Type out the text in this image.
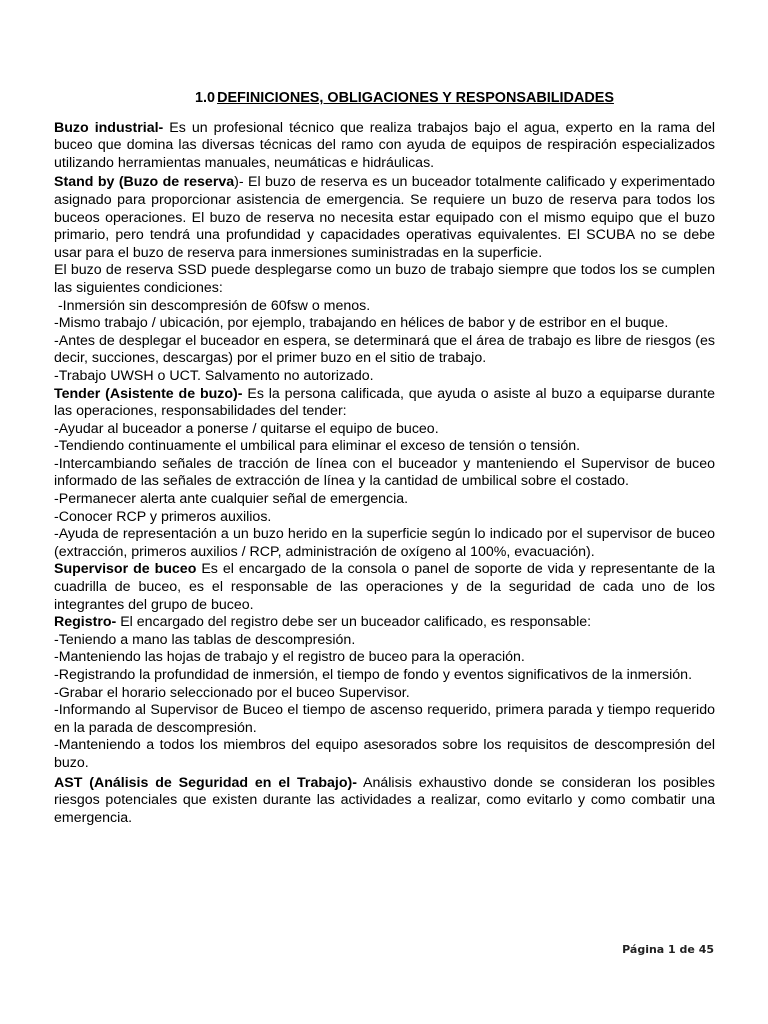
1.0 DEFINICIONES, OBLIGACIONES Y RESPONSABILIDADES

Buzo industrial- Es un profesional técnico que realiza trabajos bajo el agua, experto en la rama del buceo que domina las diversas técnicas del ramo con ayuda de equipos de respiración especializados utilizando herramientas manuales, neumáticas e hidráulicas.

Stand by (Buzo de reserva)- El buzo de reserva es un buceador totalmente calificado y experimentado asignado para proporcionar asistencia de emergencia. Se requiere un buzo de reserva para todos los buceos operaciones. El buzo de reserva no necesita estar equipado con el mismo equipo que el buzo primario, pero tendrá una profundidad y capacidades operativas equivalentes. El SCUBA no se debe usar para el buzo de reserva para inmersiones suministradas en la superficie.

El buzo de reserva SSD puede desplegarse como un buzo de trabajo siempre que todos los se cumplen las siguientes condiciones:

-Inmersión sin descompresión de 60fsw o menos.

-Mismo trabajo / ubicación, por ejemplo, trabajando en hélices de babor y de estribor en el buque.

-Antes de desplegar el buceador en espera, se determinará que el área de trabajo es libre de riesgos (es decir, succiones, descargas) por el primer buzo en el sitio de trabajo.

-Trabajo UWSH o UCT. Salvamento no autorizado.

Tender (Asistente de buzo)- Es la persona calificada, que ayuda o asiste al buzo a equiparse durante las operaciones, responsabilidades del tender:

-Ayudar al buceador a ponerse / quitarse el equipo de buceo.

-Tendiendo continuamente el umbilical para eliminar el exceso de tensión o tensión.

-Intercambiando señales de tracción de línea con el buceador y manteniendo el Supervisor de buceo informado de las señales de extracción de línea y la cantidad de umbilical sobre el costado.

-Permanecer alerta ante cualquier señal de emergencia.

-Conocer RCP y primeros auxilios.

-Ayuda de representación a un buzo herido en la superficie según lo indicado por el supervisor de buceo (extracción, primeros auxilios / RCP, administración de oxígeno al 100%, evacuación).

Supervisor de buceo Es el encargado de la consola o panel de soporte de vida y representante de la cuadrilla de buceo, es el responsable de las operaciones y de la seguridad de cada uno de los integrantes del grupo de buceo.

Registro- El encargado del registro debe ser un buceador calificado, es responsable:

-Teniendo a mano las tablas de descompresión.

-Manteniendo las hojas de trabajo y el registro de buceo para la operación.

-Registrando la profundidad de inmersión, el tiempo de fondo y eventos significativos de la inmersión.

-Grabar el horario seleccionado por el buceo Supervisor.

-Informando al Supervisor de Buceo el tiempo de ascenso requerido, primera parada y tiempo requerido en la parada de descompresión.

-Manteniendo a todos los miembros del equipo asesorados sobre los requisitos de descompresión del buzo.

AST (Análisis de Seguridad en el Trabajo)- Análisis exhaustivo donde se consideran los posibles riesgos potenciales que existen durante las actividades a realizar, como evitarlo y como combatir una emergencia.

Página 1 de 45
